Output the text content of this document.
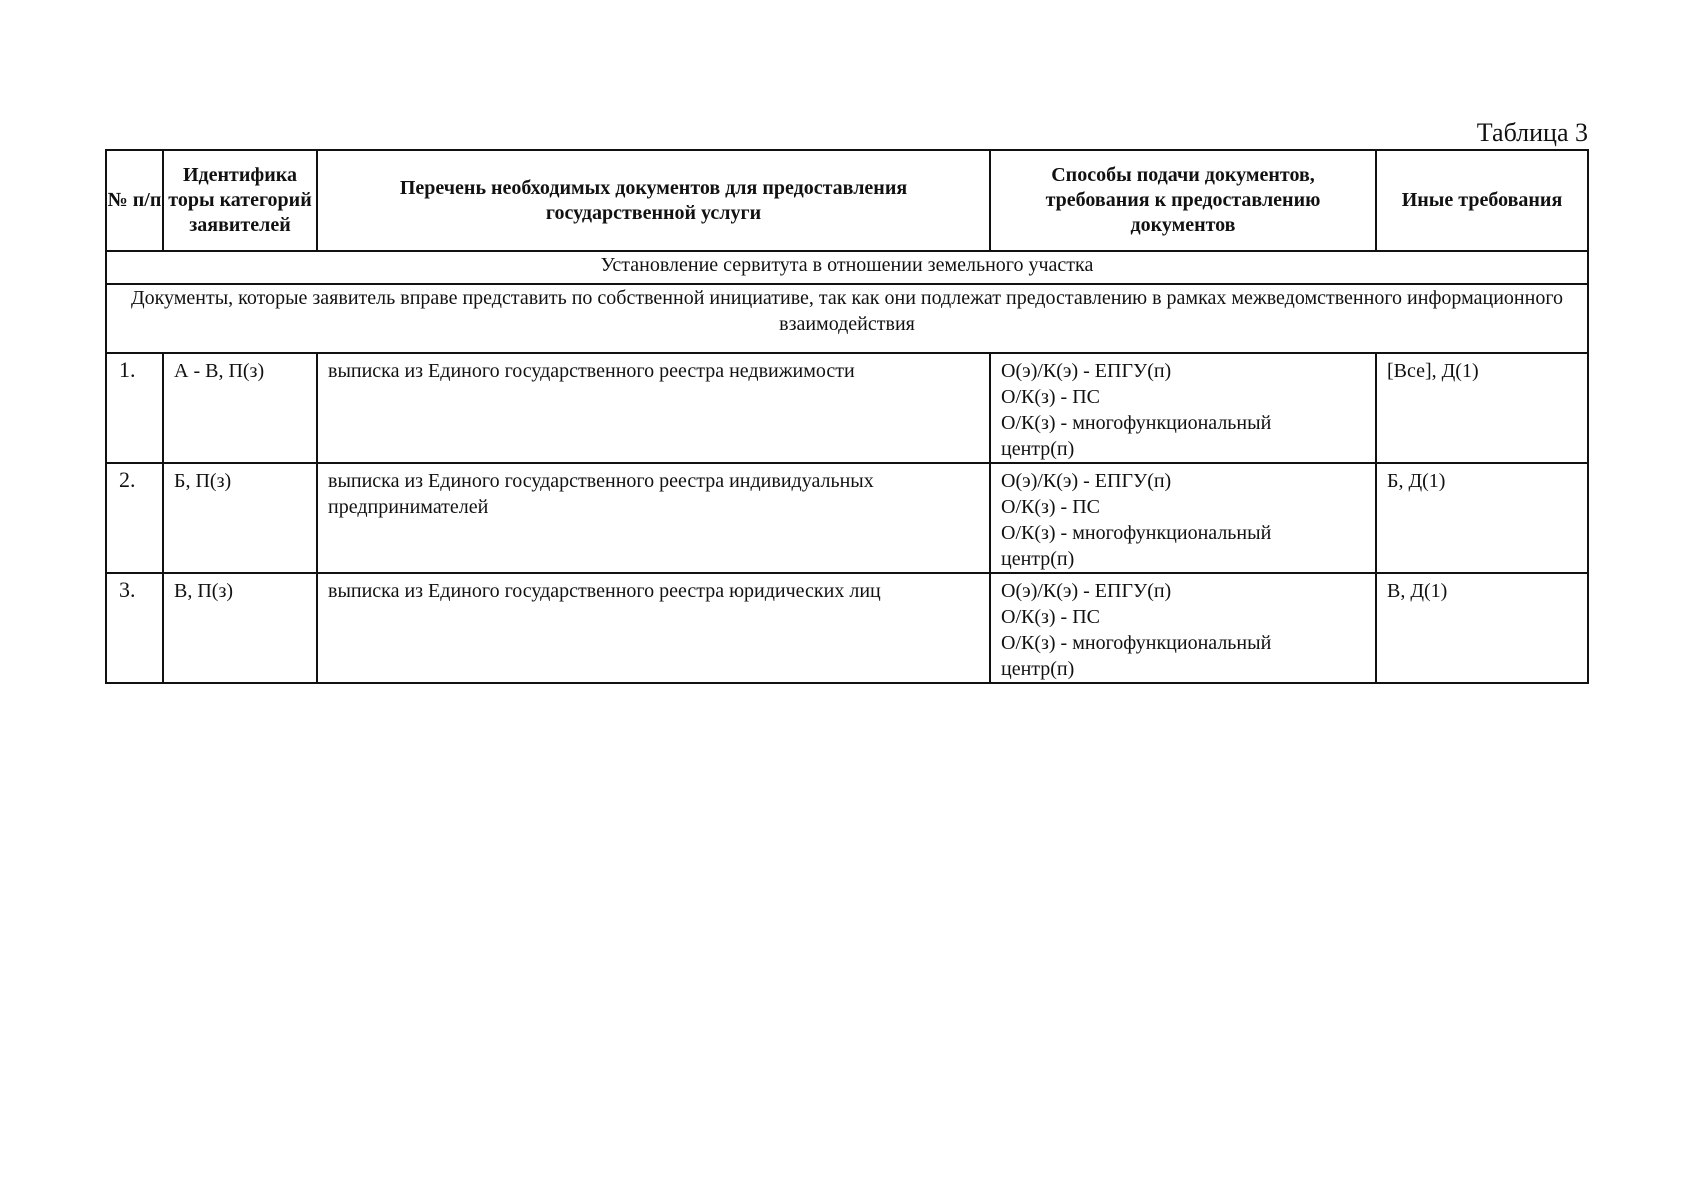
Таблица 3
№ п/п	Идентифика торы категорий заявителей	Перечень необходимых документов для предоставления государственной услуги	Способы подачи документов, требования к предоставлению документов	Иные требования
Установление сервитута в отношении земельного участка				

Документы, которые заявитель вправе представить по собственной инициативе, так как они подлежат предоставлению в рамках межведомственного информационного взаимодействия				

1.	А - В, П(з)	выписка из Единого государственного реестра недвижимости	О(э)/К(э) - ЕПГУ(п)
О/К(з) - ПС
О/К(з) - многофункциональный
центр(п)	[Все], Д(1)

2.	Б, П(з)	выписка из Единого государственного реестра индивидуальных предпринимателей	О(э)/К(э) - ЕПГУ(п)
О/К(з) - ПС
О/К(з) - многофункциональный
центр(п)	Б, Д(1)

3.	В, П(з)	выписка из Единого государственного реестра юридических лиц	О(э)/К(э) - ЕПГУ(п)
О/К(з) - ПС
О/К(з) - многофункциональный
центр(п)	В, Д(1)
